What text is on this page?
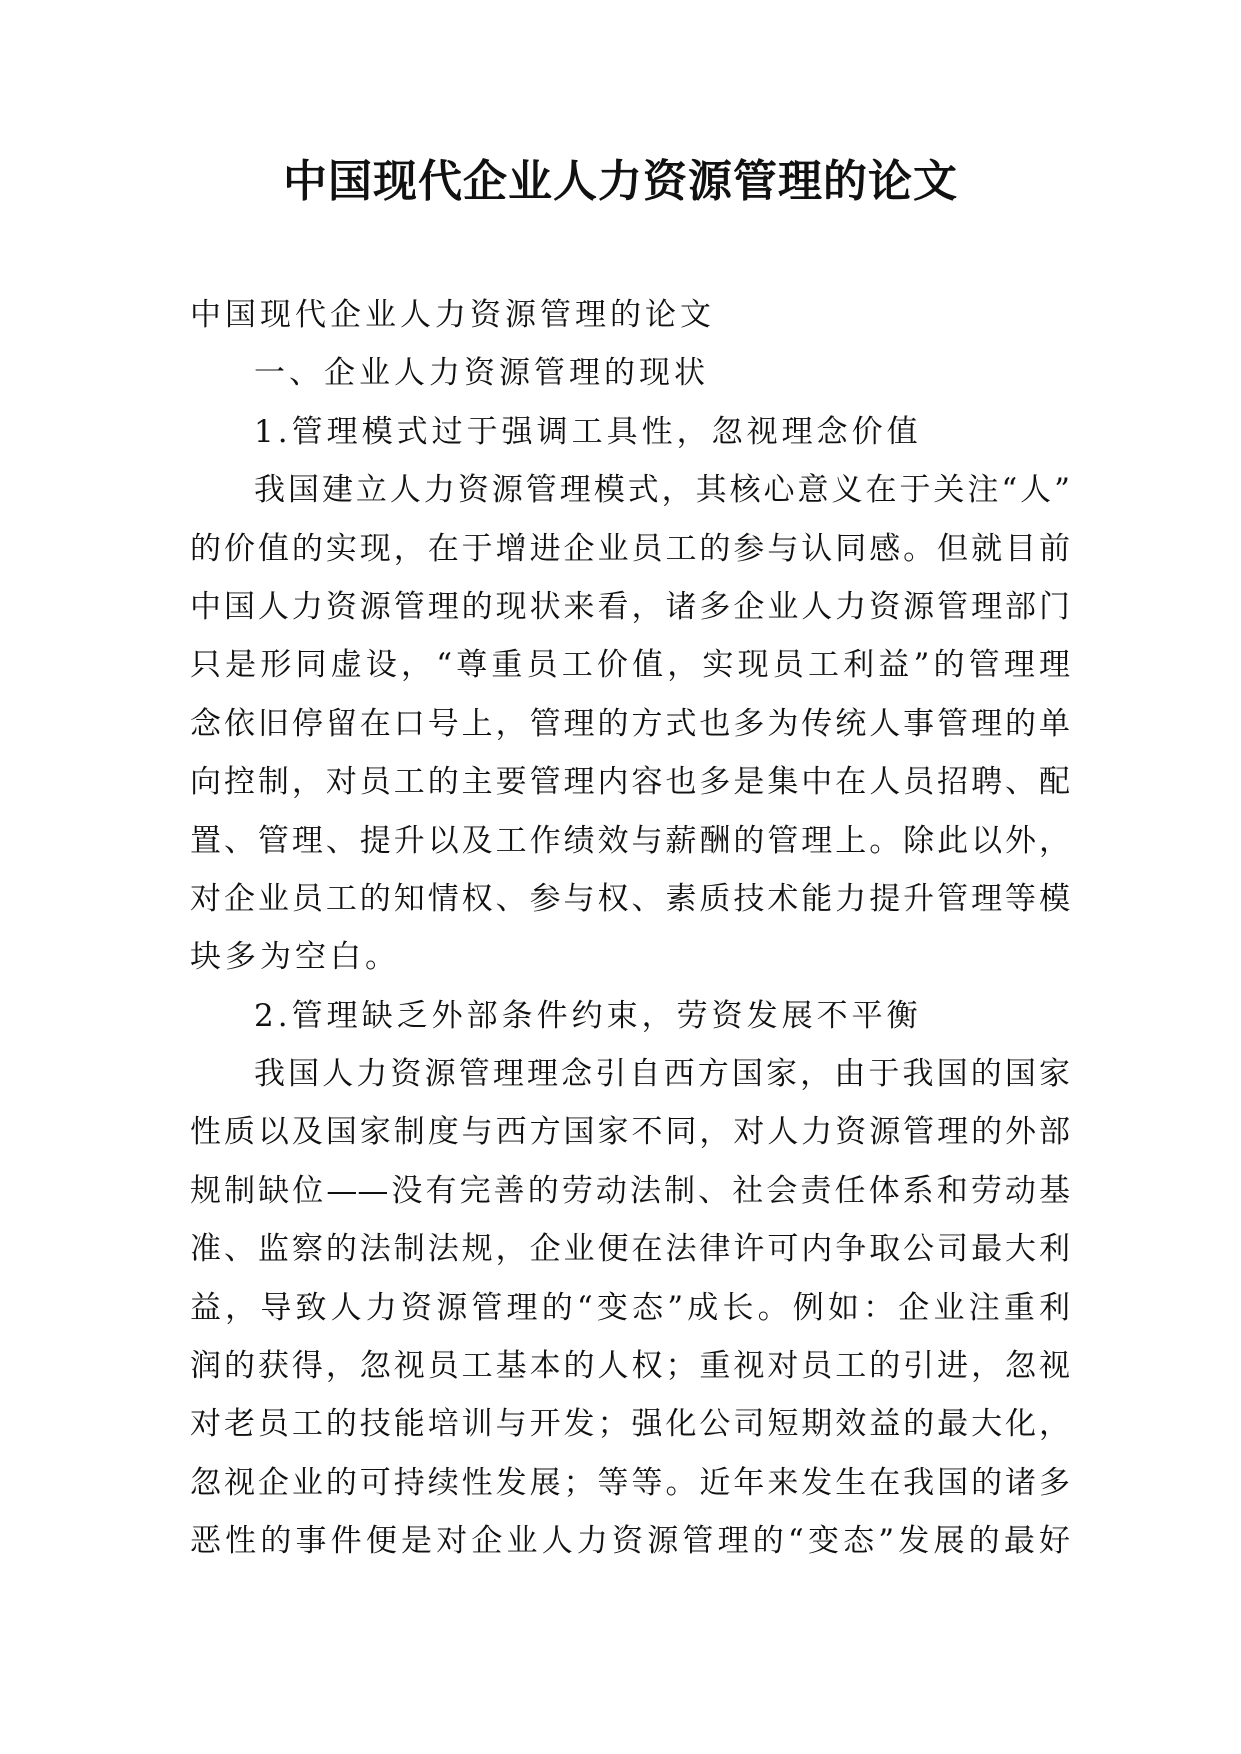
中国现代企业人力资源管理的论文

中国现代企业人力资源管理的论文

一、企业人力资源管理的现状

1.管理模式过于强调工具性，忽视理念价值

我国建立人力资源管理模式，其核心意义在于关注“人”

的价值的实现，在于增进企业员工的参与认同感。但就目前

中国人力资源管理的现状来看，诸多企业人力资源管理部门

只是形同虚设，“尊重员工价值，实现员工利益”的管理理

念依旧停留在口号上，管理的方式也多为传统人事管理的单

向控制，对员工的主要管理内容也多是集中在人员招聘、配

置、管理、提升以及工作绩效与薪酬的管理上。除此以外，

对企业员工的知情权、参与权、素质技术能力提升管理等模

块多为空白。

2.管理缺乏外部条件约束，劳资发展不平衡

我国人力资源管理理念引自西方国家，由于我国的国家

性质以及国家制度与西方国家不同，对人力资源管理的外部

规制缺位——没有完善的劳动法制、社会责任体系和劳动基

准、监察的法制法规，企业便在法律许可内争取公司最大利

益，导致人力资源管理的“变态”成长。例如：企业注重利

润的获得，忽视员工基本的人权；重视对员工的引进，忽视

对老员工的技能培训与开发；强化公司短期效益的最大化，

忽视企业的可持续性发展；等等。近年来发生在我国的诸多

恶性的事件便是对企业人力资源管理的“变态”发展的最好
